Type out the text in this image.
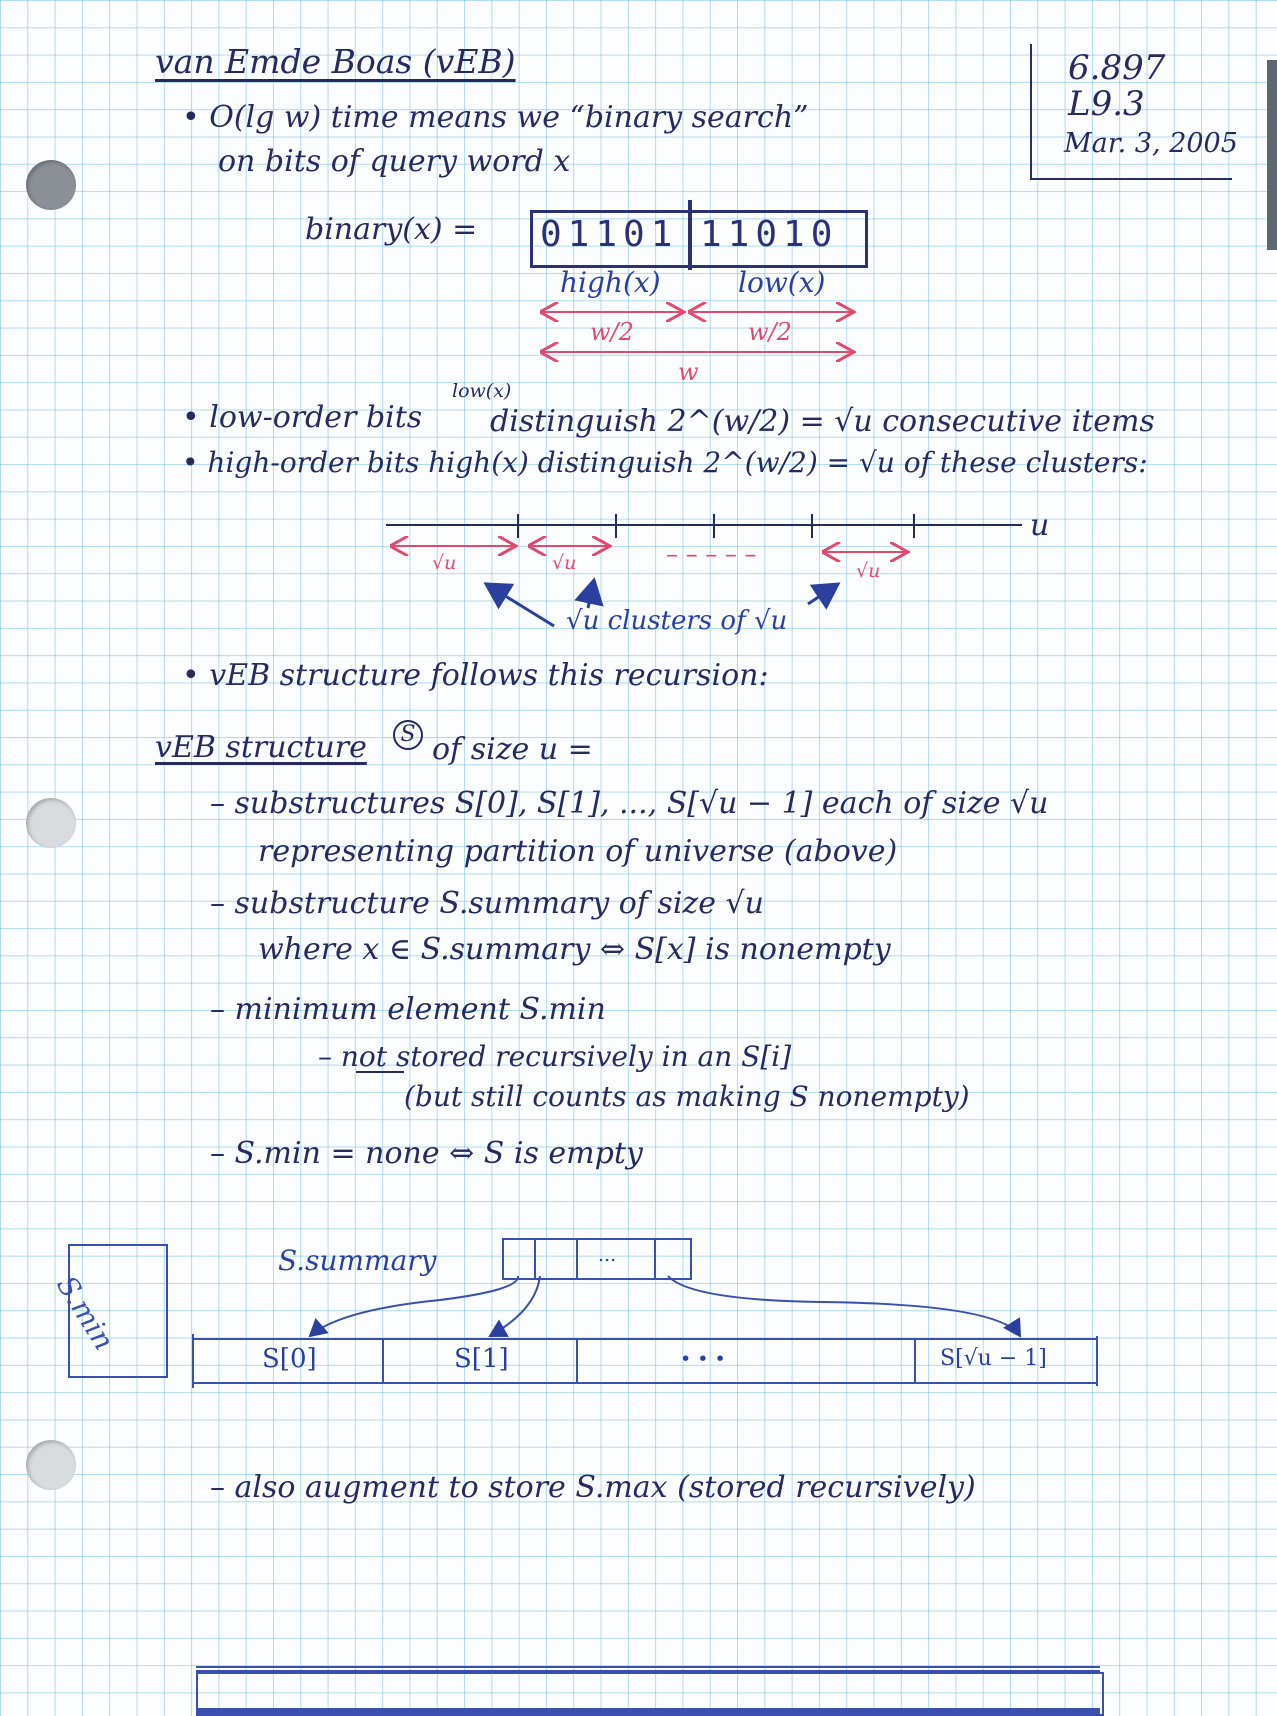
van Emde Boas (vEB)	6.897
L9.3
Mar. 3, 2005
• O(lg w) time means we “binary search”
on bits of query word x
binary(x) = 01101 11010
high(x)	low(x)
w/2	w/2
w
low(x)
• low-order bits distinguish 2^(w/2) = √u consecutive items
• high-order bits high(x) distinguish 2^(w/2) = √u of these clusters:
u
√u	√u	√u
– – – – –
√u clusters of √u
• vEB structure follows this recursion:
vEB structure	S of size u =
– substructures S[0], S[1], ..., S[√u − 1] each of size √u
representing partition of universe (above)
– substructure S.summary of size √u
where x ∈ S.summary ⇔ S[x] is nonempty
– minimum element S.min
– not stored recursively in an S[i]
(but still counts as making S nonempty)
– S.min = none ⇔ S is empty
S.min
S.summary	...
S[0]	S[1]	• • •	S[√u − 1]
– also augment to store S.max (stored recursively)
